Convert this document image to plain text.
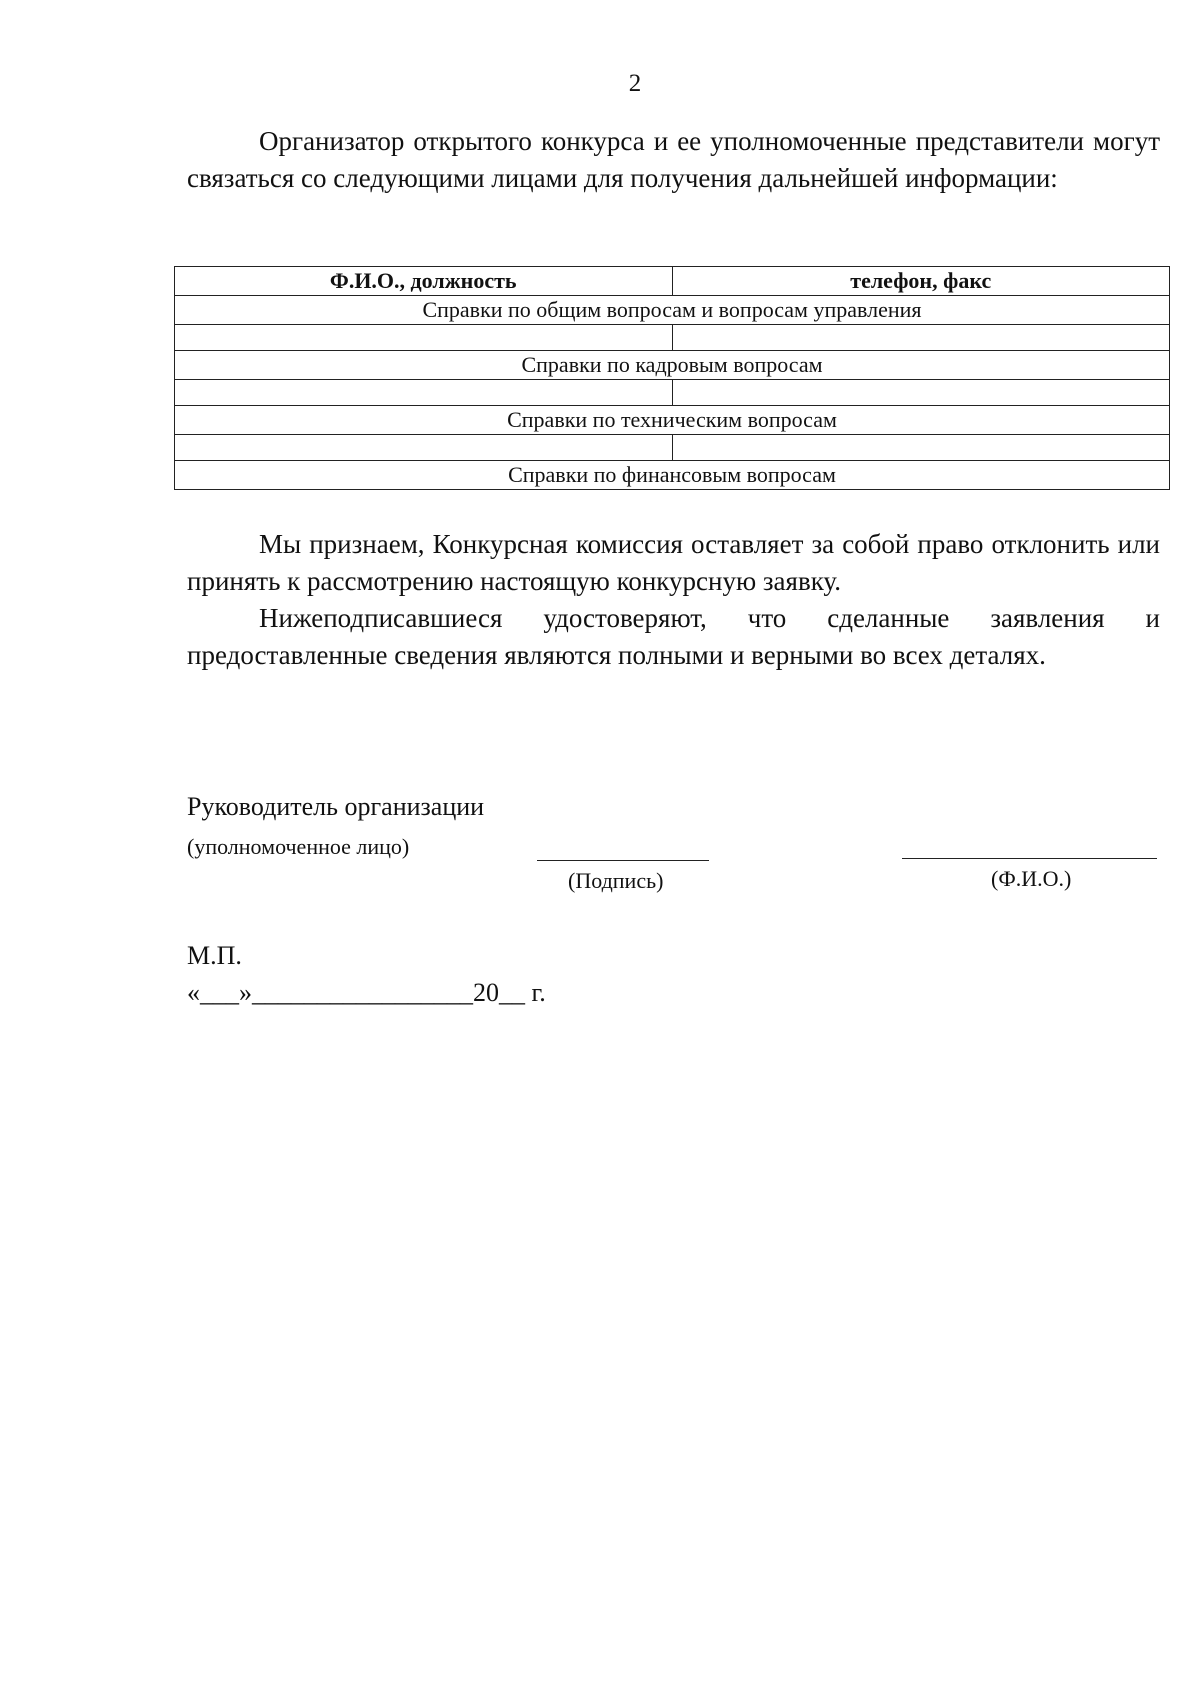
2
Организатор открытого конкурса и ее уполномоченные представители могут связаться со следующими лицами для получения дальнейшей информации:
Ф.И.О., должность	телефон, факс
Справки по общим вопросам и вопросам управления	

Справки по кадровым вопросам	

Справки по техническим вопросам	

Справки по финансовым вопросам	
Мы признаем, Конкурсная комиссия оставляет за собой право отклонить или принять к рассмотрению настоящую конкурсную заявку.
Нижеподписавшиеся удостоверяют, что сделанные заявления и предоставленные сведения являются полными и верными во всех деталях.
Руководитель организации
(уполномоченное лицо)
(Подпись)	(Ф.И.О.)
М.П.
«___»_________________20__ г.
